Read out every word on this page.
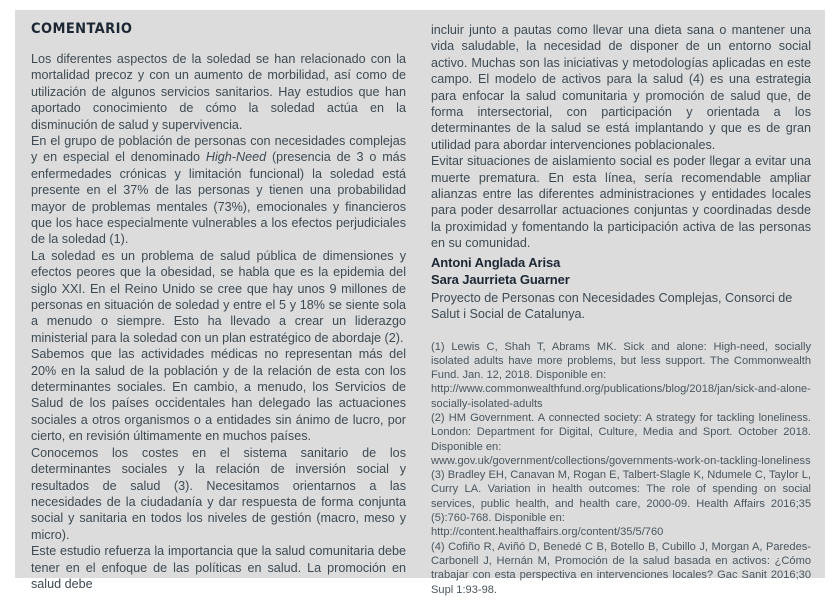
COMENTARIO

Los diferentes aspectos de la soledad se han relacionado con la mortalidad precoz y con un aumento de morbilidad, así como de utilización de algunos servicios sanitarios. Hay estudios que han aportado conocimiento de cómo la soledad actúa en la disminución de salud y supervivencia.

En el grupo de población de personas con necesidades complejas y en especial el denominado High-Need (presencia de 3 o más enfermedades crónicas y limitación funcional) la soledad está presente en el 37% de las personas y tienen una probabilidad mayor de problemas mentales (73%), emocionales y financieros que los hace especialmente vulnerables a los efectos perjudiciales de la soledad (1).

La soledad es un problema de salud pública de dimensiones y efectos peores que la obesidad, se habla que es la epidemia del siglo XXI. En el Reino Unido se cree que hay unos 9 millones de personas en situación de soledad y entre el 5 y 18% se siente sola a menudo o siempre. Esto ha llevado a crear un liderazgo ministerial para la soledad con un plan estratégico de abordaje (2).

Sabemos que las actividades médicas no representan más del 20% en la salud de la población y de la relación de esta con los determinantes sociales. En cambio, a menudo, los Servicios de Salud de los países occidentales han delegado las actuaciones sociales a otros organismos o a entidades sin ánimo de lucro, por cierto, en revisión últimamente en muchos países.

Conocemos los costes en el sistema sanitario de los determinantes sociales y la relación de inversión social y resultados de salud (3). Necesitamos orientarnos a las necesidades de la ciudadanía y dar respuesta de forma conjunta social y sanitaria en todos los niveles de gestión (macro, meso y micro).

Este estudio refuerza la importancia que la salud comunitaria debe tener en el enfoque de las políticas en salud. La promoción en salud debe

incluir junto a pautas como llevar una dieta sana o mantener una vida saludable, la necesidad de disponer de un entorno social activo. Muchas son las iniciativas y metodologías aplicadas en este campo. El modelo de activos para la salud (4) es una estrategia para enfocar la salud comunitaria y promoción de salud que, de forma intersectorial, con participación y orientada a los determinantes de la salud se está implantando y que es de gran utilidad para abordar intervenciones poblacionales.

Evitar situaciones de aislamiento social es poder llegar a evitar una muerte prematura. En esta línea, sería recomendable ampliar alianzas entre las diferentes administraciones y entidades locales para poder desarrollar actuaciones conjuntas y coordinadas desde la proximidad y fomentando la participación activa de las personas en su comunidad.

Antoni Anglada Arisa
Sara Jaurrieta Guarner

Proyecto de Personas con Necesidades Complejas, Consorci de Salut i Social de Catalunya.

(1) Lewis C, Shah T, Abrams MK. Sick and alone: High-need, socially isolated adults have more problems, but less support. The Commonwealth Fund. Jan. 12, 2018. Disponible en:

http://www.commonwealthfund.org/publications/blog/2018/jan/sick-and-alone-socially-isolated-adults

(2) HM Government. A connected society: A strategy for tackling loneliness. London: Department for Digital, Culture, Media and Sport. October 2018. Disponible en:

www.gov.uk/government/collections/governments-work-on-tackling-loneliness

(3) Bradley EH, Canavan M, Rogan E, Talbert-Slagle K, Ndumele C, Taylor L, Curry LA. Variation in health outcomes: The role of spending on social services, public health, and health care, 2000-09. Health Affairs 2016;35 (5):760-768. Disponible en:

http://content.healthaffairs.org/content/35/5/760

(4) Cofiño R, Aviñó D, Benedé C B, Botello B, Cubillo J, Morgan A, Paredes-Carbonell J, Hernán M, Promoción de la salud basada en activos: ¿Cómo trabajar con esta perspectiva en intervenciones locales? Gac Sanit 2016;30 Supl 1:93-98.
